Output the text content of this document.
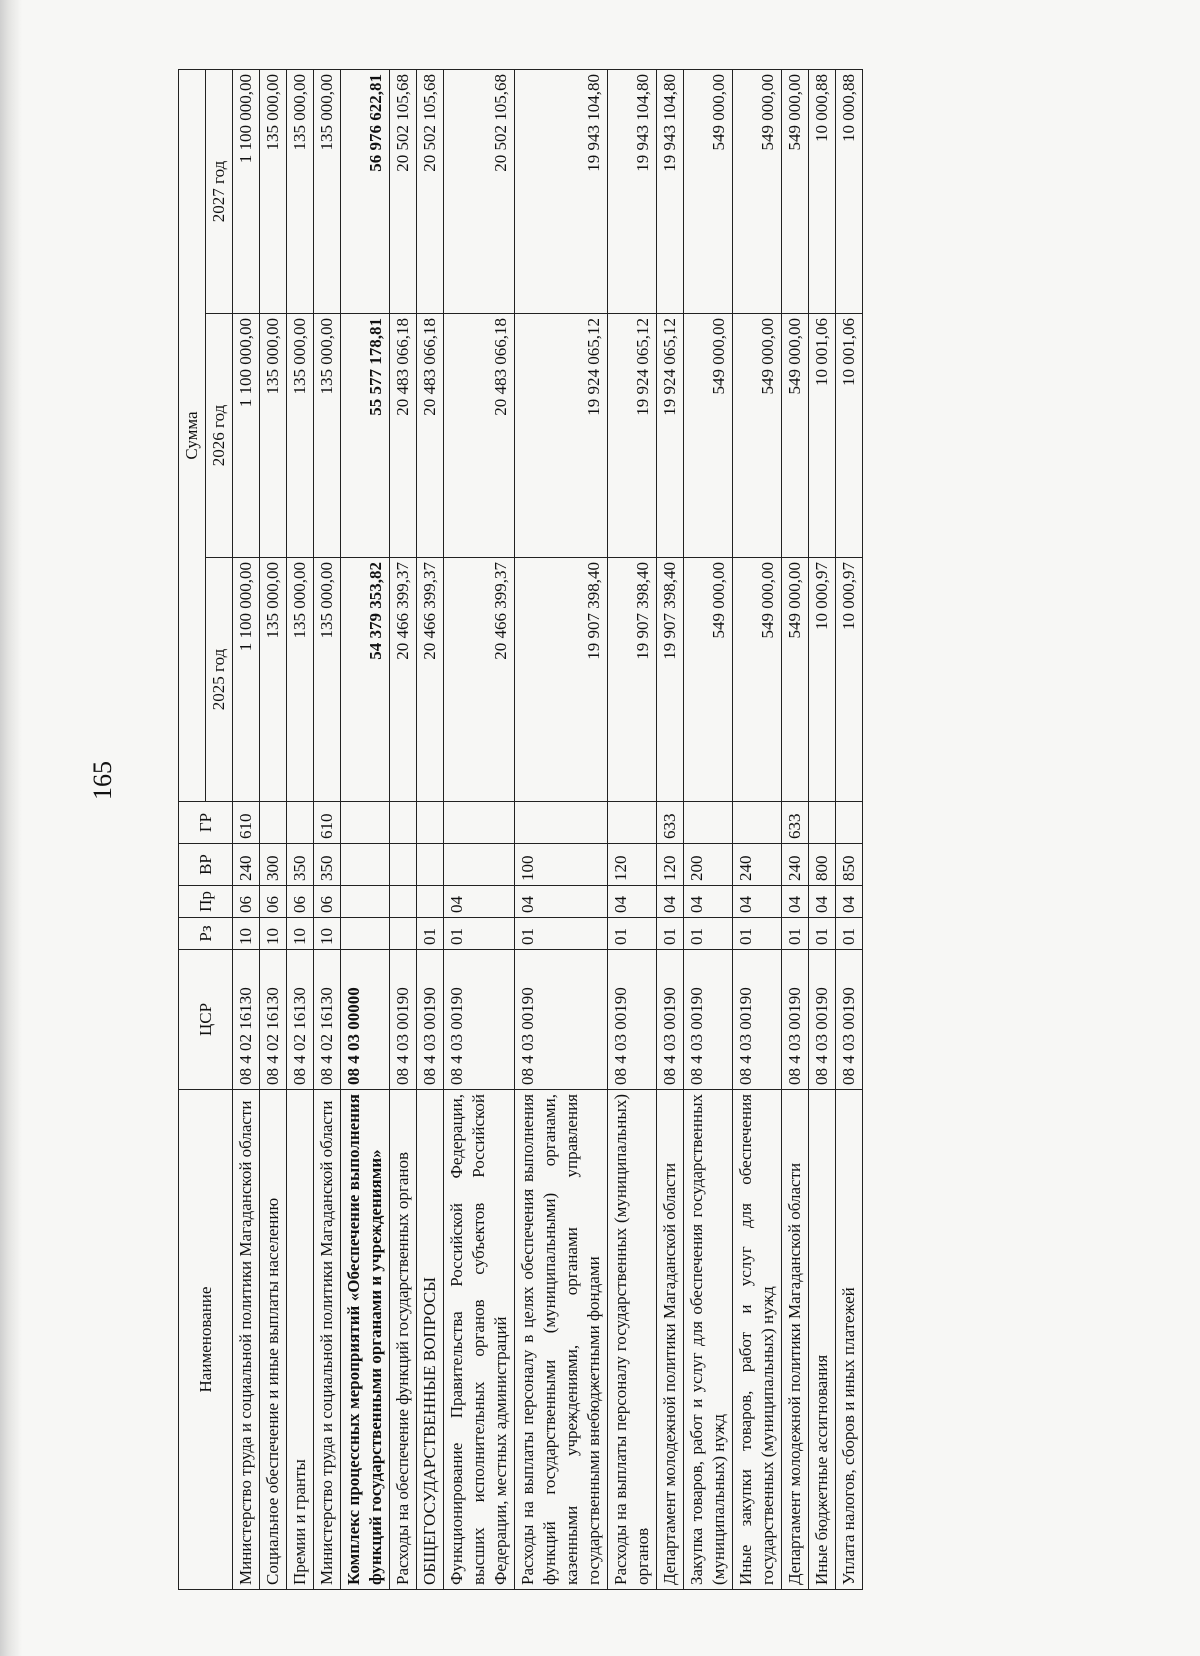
165
Наименование	ЦСР	Рз	Пр	ВР	ГР	Сумма		
						2025 год	2026 год	2027 год
Министерство труда и социальной политики Магаданской области	08 4 02 16130	10	06	240	610	1 100 000,00	1 100 000,00	1 100 000,00
Социальное обеспечение и иные выплаты населению	08 4 02 16130	10	06	300		135 000,00	135 000,00	135 000,00
Премии и гранты	08 4 02 16130	10	06	350		135 000,00	135 000,00	135 000,00
Министерство труда и социальной политики Магаданской области	08 4 02 16130	10	06	350	610	135 000,00	135 000,00	135 000,00
Комплекс процессных мероприятий «Обеспечение выполнения функций государственными органами и учреждениями»	08 4 03 00000					54 379 353,82	55 577 178,81	56 976 622,81
Расходы на обеспечение функций государственных органов	08 4 03 00190					20 466 399,37	20 483 066,18	20 502 105,68
ОБЩЕГОСУДАРСТВЕННЫЕ ВОПРОСЫ	08 4 03 00190	01				20 466 399,37	20 483 066,18	20 502 105,68
Функционирование Правительства Российской Федерации, высших исполнительных органов субъектов Российской Федерации, местных администраций	08 4 03 00190	01	04			20 466 399,37	20 483 066,18	20 502 105,68
Расходы на выплаты персоналу в целях обеспечения выполнения функций государственными (муниципальными) органами, казенными учреждениями, органами управления государственными внебюджетными фондами	08 4 03 00190	01	04	100		19 907 398,40	19 924 065,12	19 943 104,80
Расходы на выплаты персоналу государственных (муниципальных) органов	08 4 03 00190	01	04	120		19 907 398,40	19 924 065,12	19 943 104,80
Департамент молодежной политики Магаданской области	08 4 03 00190	01	04	120	633	19 907 398,40	19 924 065,12	19 943 104,80
Закупка товаров, работ и услуг для обеспечения государственных (муниципальных) нужд	08 4 03 00190	01	04	200		549 000,00	549 000,00	549 000,00
Иные закупки товаров, работ и услуг для обеспечения государственных (муниципальных) нужд	08 4 03 00190	01	04	240		549 000,00	549 000,00	549 000,00
Департамент молодежной политики Магаданской области	08 4 03 00190	01	04	240	633	549 000,00	549 000,00	549 000,00
Иные бюджетные ассигнования	08 4 03 00190	01	04	800		10 000,97	10 001,06	10 000,88
Уплата налогов, сборов и иных платежей	08 4 03 00190	01	04	850		10 000,97	10 001,06	10 000,88
